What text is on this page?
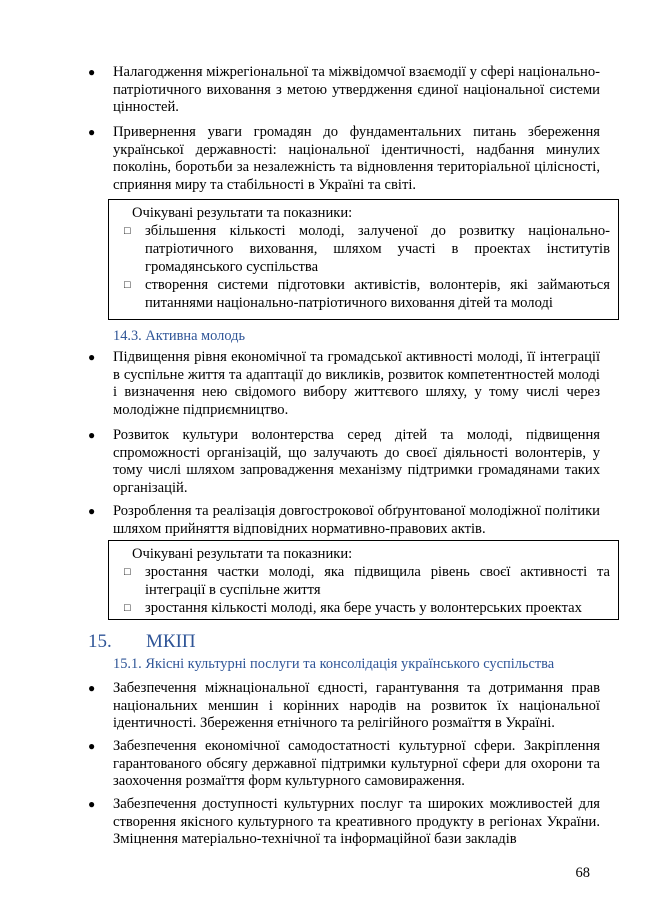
● Налагодження міжрегіональної та міжвідомчої взаємодії у сфері національно-патріотичного виховання з метою утвердження єдиної національної системи цінностей.
● Привернення уваги громадян до фундаментальних питань збереження української державності: національної ідентичності, надбання минулих поколінь, боротьби за незалежність та відновлення територіальної цілісності, сприяння миру та стабільності в Україні та світі.
Очікувані результати та показники:
□ збільшення кількості молоді, залученої до розвитку національно-патріотичного виховання, шляхом участі в проектах інститутів громадянського суспільства
□ створення системи підготовки активістів, волонтерів, які займаються питаннями національно-патріотичного виховання дітей та молоді
14.3. Активна молодь
● Підвищення рівня економічної та громадської активності молоді, її інтеграції в суспільне життя та адаптації до викликів, розвиток компетентностей молоді і визначення нею свідомого вибору життєвого шляху, у тому числі через молодіжне підприємництво.
● Розвиток культури волонтерства серед дітей та молоді, підвищення спроможності організацій, що залучають до своєї діяльності волонтерів, у тому числі шляхом запровадження механізму підтримки громадянами таких організацій.
● Розроблення та реалізація довгострокової обґрунтованої молодіжної політики шляхом прийняття відповідних нормативно-правових актів.
Очікувані результати та показники:
□ зростання частки молоді, яка підвищила рівень своєї активності та інтеграції в суспільне життя
□ зростання кількості молоді, яка бере участь у волонтерських проектах
15. МКІП
15.1. Якісні культурні послуги та консолідація українського суспільства
● Забезпечення міжнаціональної єдності, гарантування та дотримання прав національних меншин і корінних народів на розвиток їх національної ідентичності. Збереження етнічного та релігійного розмаїття в Україні.
● Забезпечення економічної самодостатності культурної сфери. Закріплення гарантованого обсягу державної підтримки культурної сфери для охорони та заохочення розмаїття форм культурного самовираження.
● Забезпечення доступності культурних послуг та широких можливостей для створення якісного культурного та креативного продукту в регіонах України. Зміцнення матеріально-технічної та інформаційної бази закладів
68
